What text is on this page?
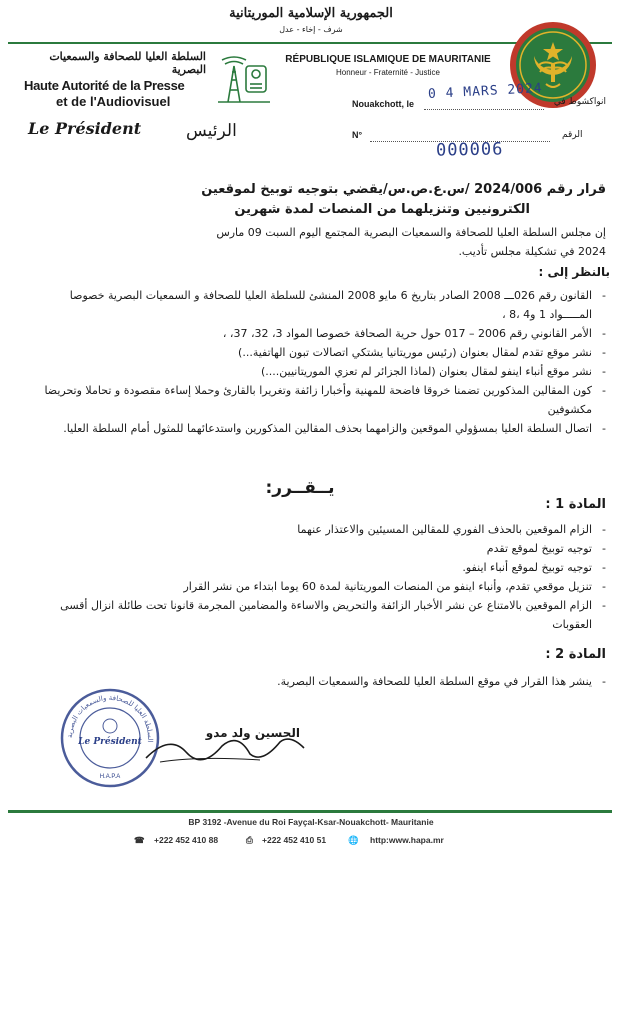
الجمهورية الإسلامية الموريتانية
شرف - إخاء - عدل
السلطة العليا للصحافة والسمعيات البصرية
Haute Autorité de la Presse
et de l'Audiovisuel
RÉPUBLIQUE ISLAMIQUE DE MAURITANIE
Honneur - Fraternité - Justice
Nouakchott, le
0 4 MARS 2024
انواكشوط في
Le Président	الرئيس	N°	الرقم
000006
قرار رقم 2024/006 /س.ع.ص.س/يقضي بتوجيه توبيخ لموقعين
الكترونيين وتنزيلهما من المنصات لمدة شهرين
إن مجلس السلطة العليا للصحافة والسمعيات البصرية المجتمع اليوم السبت 09 مارس
2024 في تشكيلة مجلس تأديب.
بالنظر إلى :
- القانون رقم 026ـــ 2008 الصادر بتاريخ 6 مايو 2008 المنشئ للسلطة العليا للصحافة و السمعيات البصرية خصوصا المـــــواد 1 و4 ،8 ،
- الأمر القانوني رقم 2006 – 017 حول حرية الصحافة خصوصا المواد 3، 32، 37، ،
- نشر موقع تقدم لمقال بعنوان (رئيس موريتانيا يشتكي اتصالات تبون الهاتفية...)
- نشر موقع أنباء اينفو لمقال بعنوان (لماذا الجزائر لم تعزي الموريتانيين....)
- كون المقالين المذكورين تضمنا خروقا فاضحة للمهنية وأخبارا زائفة وتغريرا بالقارئ وحملا إساءة مقصودة و تحاملا وتحريضا مكشوفين
- اتصال السلطة العليا بمسؤولي الموقعين والزامهما بحذف المقالين المذكورين واستدعائهما للمثول أمام السلطة العليا.
يــقــرر:
المادة 1 :
- الزام الموقعين بالحذف الفوري للمقالين المسيئين والاعتذار عنهما
- توجيه توبيخ لموقع تقدم
- توجيه توبيخ لموقع أنباء اينفو.
- تنزيل موقعي تقدم، وأنباء اينفو من المنصات الموريتانية لمدة 60 يوما ابتداء من نشر القرار
- الزام الموقعين بالامتناع عن نشر الأخبار الزائفة والتحريض والاساءة والمضامين المجرمة قانونا تحت طائلة انزال أقسى العقوبات
المادة 2 :
- ينشر هذا القرار في موقع السلطة العليا للصحافة والسمعيات البصرية.
السلطة العليا للصحافة والسمعيات البصرية
Le Président
H.A.P.A
الحسين ولد مدو
BP 3192 -Avenue du Roi Fayçal-Ksar-Nouakchott- Mauritanie
☎ +222 452 410 88	⎙ +222 452 410 51	🌐 http:www.hapa.mr
